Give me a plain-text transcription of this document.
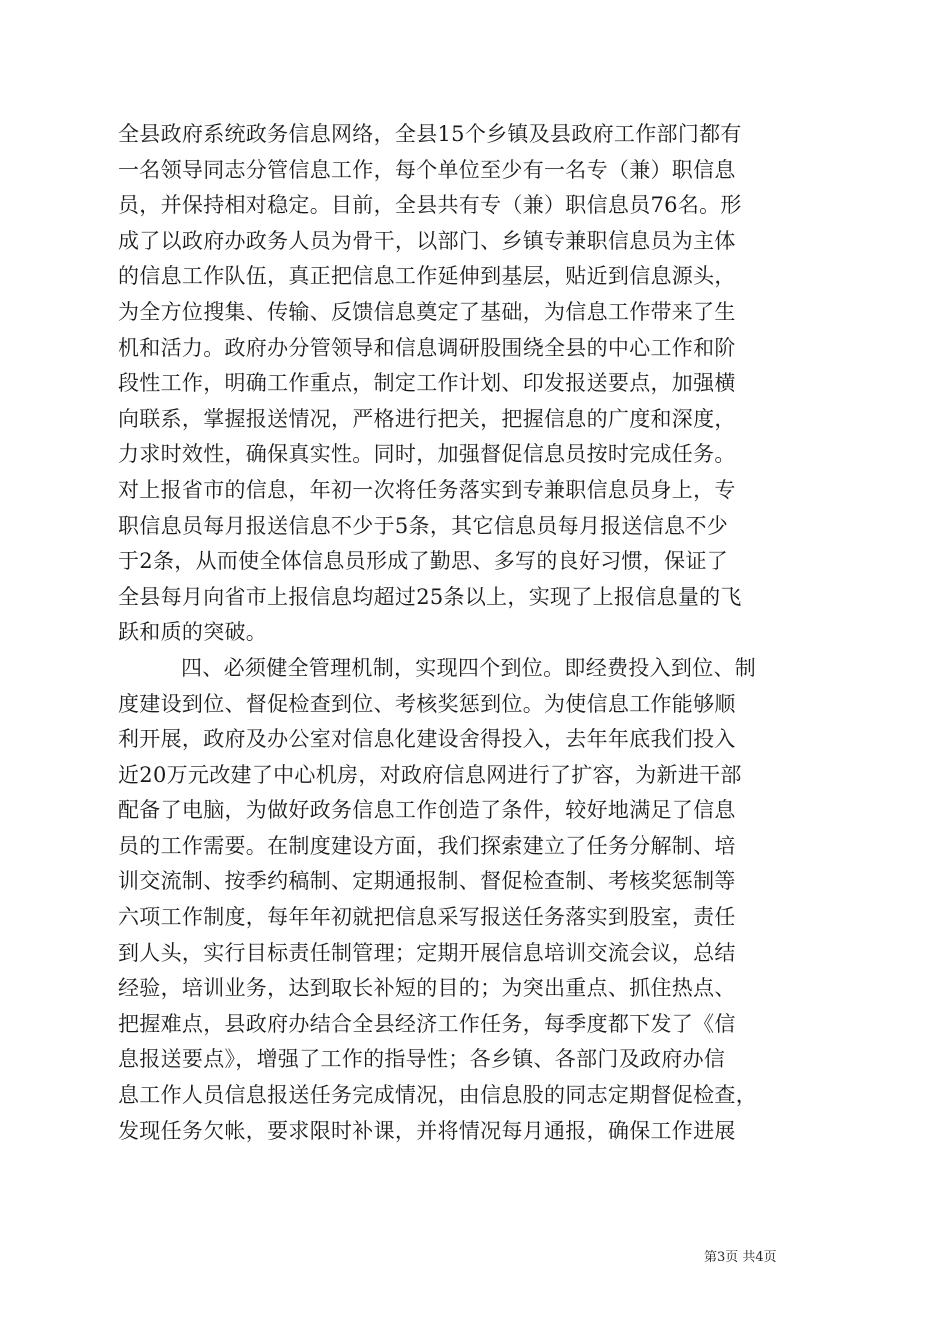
全县政府系统政务信息网络，全县15个乡镇及县政府工作部门都有
一名领导同志分管信息工作，每个单位至少有一名专（兼）职信息
员，并保持相对稳定。目前，全县共有专（兼）职信息员76名。形
成了以政府办政务人员为骨干，以部门、乡镇专兼职信息员为主体
的信息工作队伍，真正把信息工作延伸到基层，贴近到信息源头，
为全方位搜集、传输、反馈信息奠定了基础，为信息工作带来了生
机和活力。政府办分管领导和信息调研股围绕全县的中心工作和阶
段性工作，明确工作重点，制定工作计划、印发报送要点，加强横
向联系，掌握报送情况，严格进行把关，把握信息的广度和深度，
力求时效性，确保真实性。同时，加强督促信息员按时完成任务。
对上报省市的信息，年初一次将任务落实到专兼职信息员身上，专
职信息员每月报送信息不少于5条，其它信息员每月报送信息不少
于2条，从而使全体信息员形成了勤思、多写的良好习惯，保证了
全县每月向省市上报信息均超过25条以上，实现了上报信息量的飞
跃和质的突破。
四、必须健全管理机制，实现四个到位。即经费投入到位、制
度建设到位、督促检查到位、考核奖惩到位。为使信息工作能够顺
利开展，政府及办公室对信息化建设舍得投入，去年年底我们投入
近20万元改建了中心机房，对政府信息网进行了扩容，为新进干部
配备了电脑，为做好政务信息工作创造了条件，较好地满足了信息
员的工作需要。在制度建设方面，我们探索建立了任务分解制、培
训交流制、按季约稿制、定期通报制、督促检查制、考核奖惩制等
六项工作制度，每年年初就把信息采写报送任务落实到股室，责任
到人头，实行目标责任制管理；定期开展信息培训交流会议，总结
经验，培训业务，达到取长补短的目的；为突出重点、抓住热点、
把握难点，县政府办结合全县经济工作任务，每季度都下发了《信
息报送要点》，增强了工作的指导性；各乡镇、各部门及政府办信
息工作人员信息报送任务完成情况，由信息股的同志定期督促检查，
发现任务欠帐，要求限时补课，并将情况每月通报，确保工作进展
第3页 共4页
